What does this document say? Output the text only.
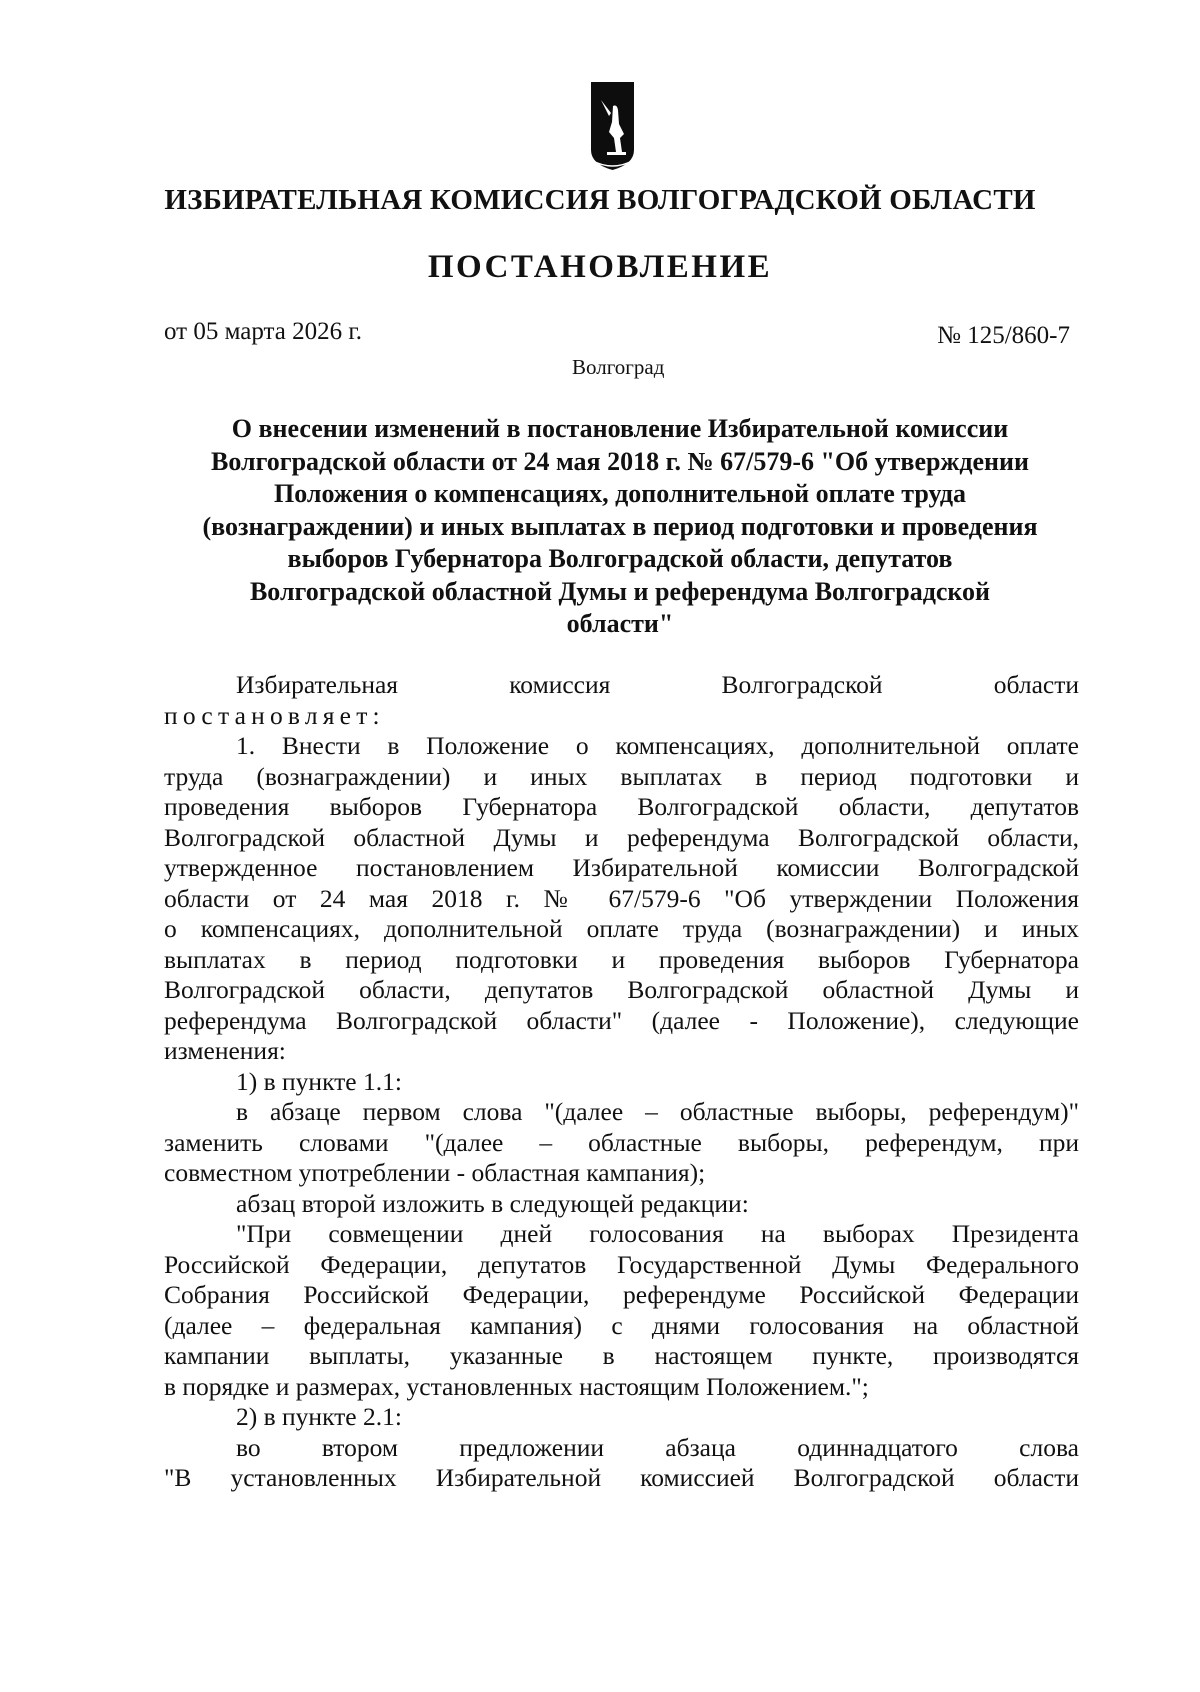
ИЗБИРАТЕЛЬНАЯ КОМИССИЯ ВОЛГОГРАДСКОЙ ОБЛАСТИ
ПОСТАНОВЛЕНИЕ
от 05 марта 2026 г.	№ 125/860-7
Волгоград
О внесении изменений в постановление Избирательной комиссии
Волгоградской области от 24 мая 2018 г. № 67/579-6 "Об утверждении
Положения о компенсациях, дополнительной оплате труда
(вознаграждении) и иных выплатах в период подготовки и проведения
выборов Губернатора Волгоградской области, депутатов
Волгоградской областной Думы и референдума Волгоградской
области"
Избирательная комиссия Волгоградской области
постановляет:
1. Внести в Положение о компенсациях, дополнительной оплате
труда (вознаграждении) и иных выплатах в период подготовки и
проведения выборов Губернатора Волгоградской области, депутатов
Волгоградской областной Думы и референдума Волгоградской области,
утвержденное постановлением Избирательной комиссии Волгоградской
области от 24 мая 2018 г. № 67/579-6 "Об утверждении Положения
о компенсациях, дополнительной оплате труда (вознаграждении) и иных
выплатах в период подготовки и проведения выборов Губернатора
Волгоградской области, депутатов Волгоградской областной Думы и
референдума Волгоградской области" (далее - Положение), следующие
изменения:
1) в пункте 1.1:
в абзаце первом слова "(далее – областные выборы, референдум)"
заменить словами "(далее – областные выборы, референдум, при
совместном употреблении - областная кампания);
абзац второй изложить в следующей редакции:
"При совмещении дней голосования на выборах Президента
Российской Федерации, депутатов Государственной Думы Федерального
Собрания Российской Федерации, референдуме Российской Федерации
(далее – федеральная кампания) с днями голосования на областной
кампании выплаты, указанные в настоящем пункте, производятся
в порядке и размерах, установленных настоящим Положением.";
2) в пункте 2.1:
во втором предложении абзаца одиннадцатого слова
"В установленных Избирательной комиссией Волгоградской области
